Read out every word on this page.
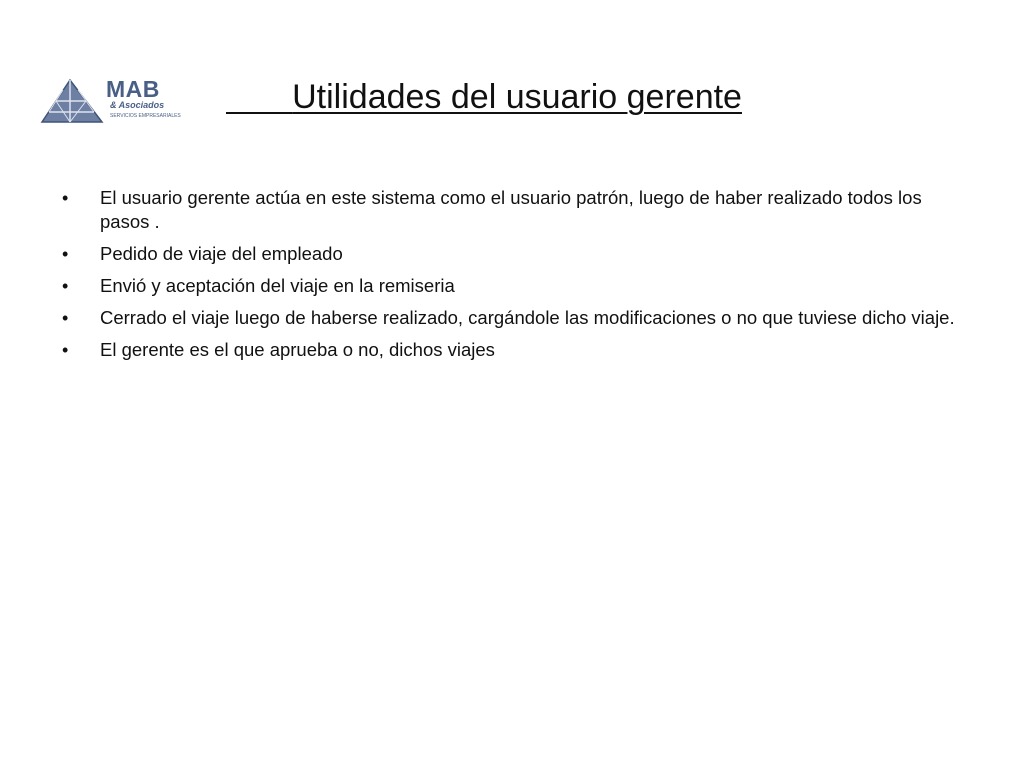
MAB
& Asociados
SERVICIOS EMPRESARIALES	Utilidades del usuario gerente
•	El usuario gerente actúa en este sistema como el usuario patrón, luego de haber realizado todos los pasos .
•	Pedido de viaje del empleado
•	Envió y aceptación del viaje en la remiseria
•	Cerrado el viaje luego de haberse realizado, cargándole las modificaciones o no que tuviese dicho viaje.
•	El gerente es el que aprueba o no, dichos viajes
